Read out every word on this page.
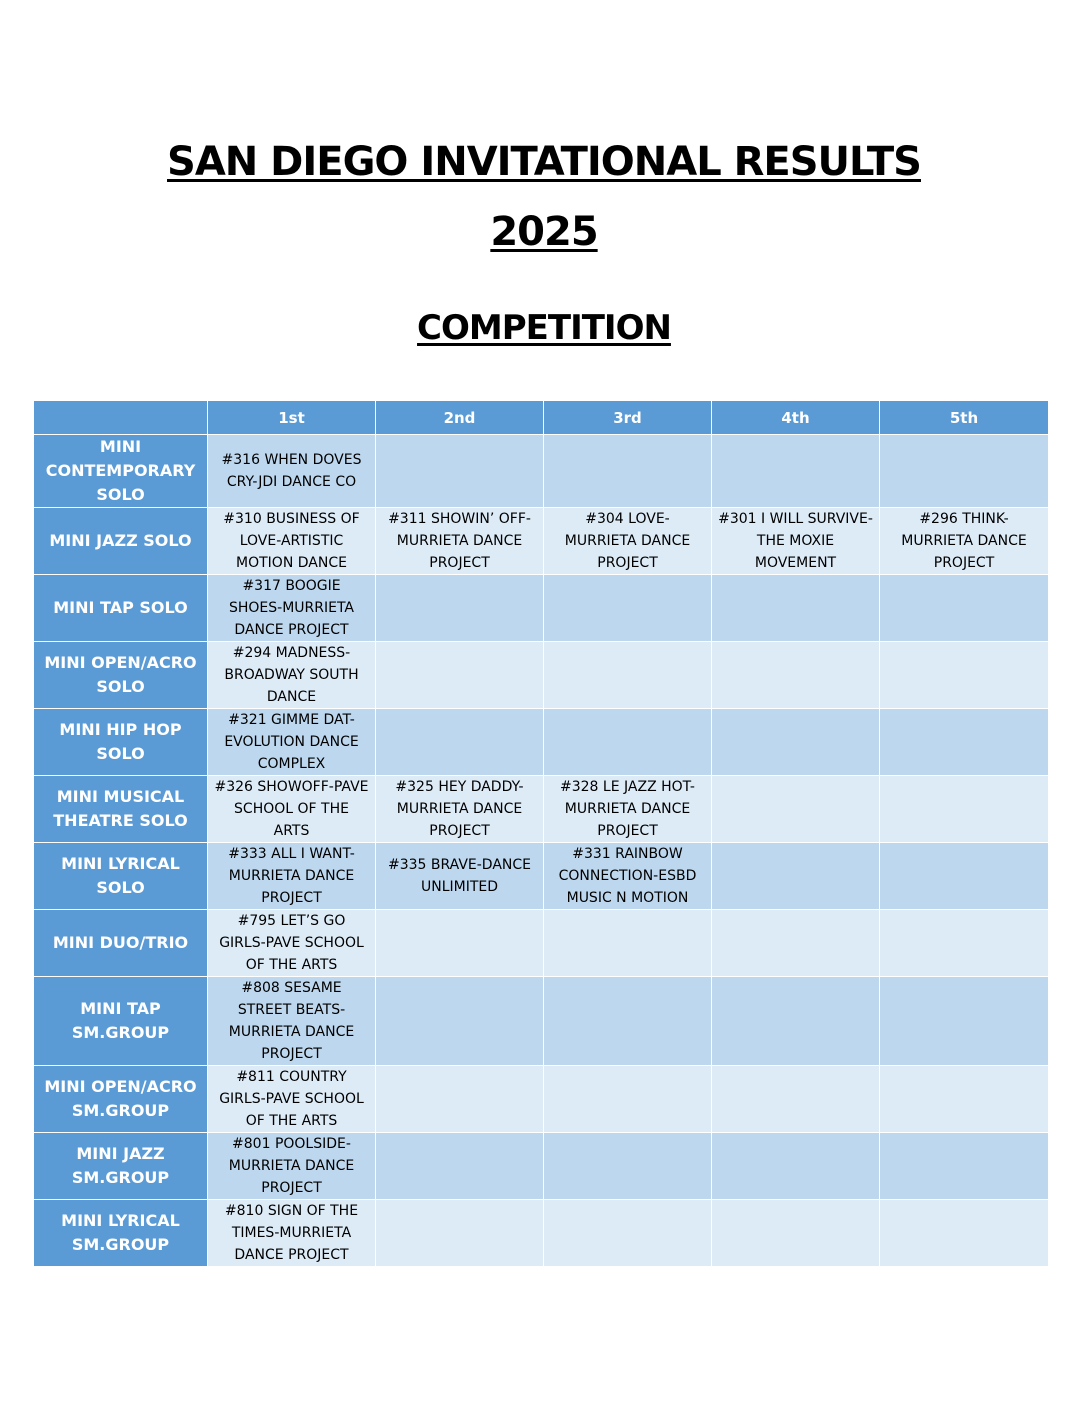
SAN DIEGO INVITATIONAL RESULTS
2025
COMPETITION
	1st	2nd	3rd	4th	5th
MINI CONTEMPORARY SOLO	#316 WHEN DOVES CRY-JDI DANCE CO				
MINI JAZZ SOLO	#310 BUSINESS OF LOVE-ARTISTIC MOTION DANCE	#311 SHOWIN’ OFF-MURRIETA DANCE PROJECT	#304 LOVE-MURRIETA DANCE PROJECT	#301 I WILL SURVIVE-THE MOXIE MOVEMENT	#296 THINK-MURRIETA DANCE PROJECT
MINI TAP SOLO	#317 BOOGIE SHOES-MURRIETA DANCE PROJECT				
MINI OPEN/ACRO SOLO	#294 MADNESS-BROADWAY SOUTH DANCE				
MINI HIP HOP SOLO	#321 GIMME DAT-EVOLUTION DANCE COMPLEX				
MINI MUSICAL THEATRE SOLO	#326 SHOWOFF-PAVE SCHOOL OF THE ARTS	#325 HEY DADDY-MURRIETA DANCE PROJECT	#328 LE JAZZ HOT-MURRIETA DANCE PROJECT		
MINI LYRICAL SOLO	#333 ALL I WANT-MURRIETA DANCE PROJECT	#335 BRAVE-DANCE UNLIMITED	#331 RAINBOW CONNECTION-ESBD MUSIC N MOTION		
MINI DUO/TRIO	#795 LET’S GO GIRLS-PAVE SCHOOL OF THE ARTS				
MINI TAP SM.GROUP	#808 SESAME STREET BEATS-MURRIETA DANCE PROJECT				
MINI OPEN/ACRO SM.GROUP	#811 COUNTRY GIRLS-PAVE SCHOOL OF THE ARTS				
MINI JAZZ SM.GROUP	#801 POOLSIDE-MURRIETA DANCE PROJECT				
MINI LYRICAL SM.GROUP	#810 SIGN OF THE TIMES-MURRIETA DANCE PROJECT				
